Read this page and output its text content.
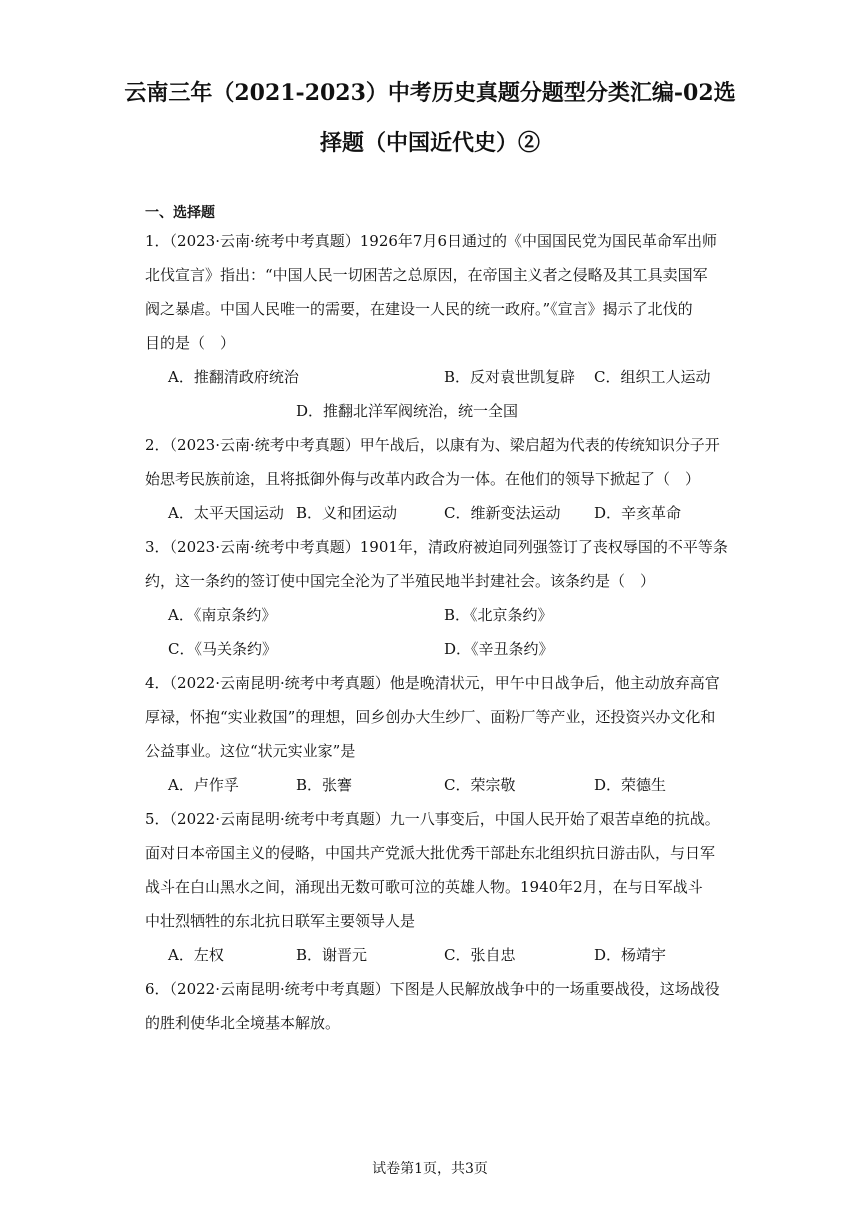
云南三年（2021-2023）中考历史真题分题型分类汇编-02选
择题（中国近代史）②
一、选择题
1．（2023·云南·统考中考真题）1926年7月6日通过的《中国国民党为国民革命军出师
北伐宣言》指出：“中国人民一切困苦之总原因，在帝国主义者之侵略及其工具卖国军
阀之暴虐。中国人民唯一的需要，在建设一人民的统一政府。”《宣言》揭示了北伐的
目的是（　）
A．推翻清政府统治	B．反对袁世凯复辟 C．组织工人运动
D．推翻北洋军阀统治，统一全国
2．（2023·云南·统考中考真题）甲午战后，以康有为、梁启超为代表的传统知识分子开
始思考民族前途，且将抵御外侮与改革内政合为一体。在他们的领导下掀起了（　）
A．太平天国运动 B．义和团运动	C．维新变法运动 D．辛亥革命
3．（2023·云南·统考中考真题）1901年，清政府被迫同列强签订了丧权辱国的不平等条
约，这一条约的签订使中国完全沦为了半殖民地半封建社会。该条约是（　）
A．《南京条约》	B．《北京条约》
C．《马关条约》	D．《辛丑条约》
4．（2022·云南昆明·统考中考真题）他是晚清状元，甲午中日战争后，他主动放弃高官
厚禄，怀抱“实业救国”的理想，回乡创办大生纱厂、面粉厂等产业，还投资兴办文化和
公益事业。这位“状元实业家”是
A．卢作孚	B．张謇	C．荣宗敬	D．荣德生
5．（2022·云南昆明·统考中考真题）九一八事变后，中国人民开始了艰苦卓绝的抗战。
面对日本帝国主义的侵略，中国共产党派大批优秀干部赴东北组织抗日游击队，与日军
战斗在白山黑水之间，涌现出无数可歌可泣的英雄人物。1940年2月，在与日军战斗
中壮烈牺牲的东北抗日联军主要领导人是
A．左权	B．谢晋元	C．张自忠	D．杨靖宇
6．（2022·云南昆明·统考中考真题）下图是人民解放战争中的一场重要战役，这场战役
的胜利使华北全境基本解放。
试卷第1页，共3页
